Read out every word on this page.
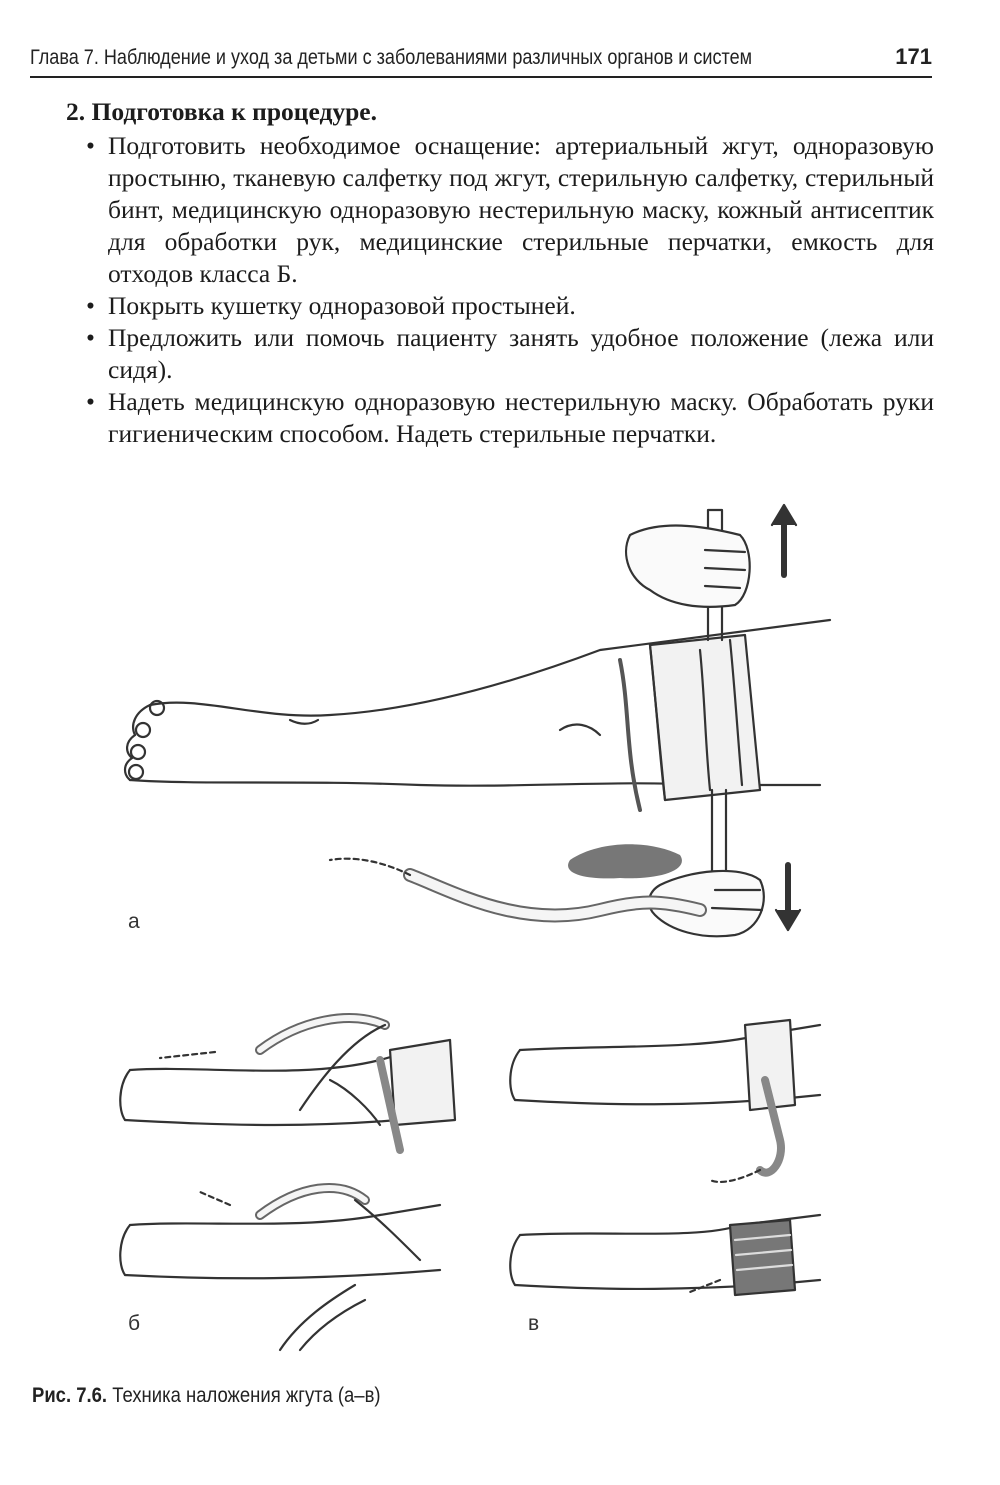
Глава 7. Наблюдение и уход за детьми с заболеваниями различных органов и систем	171
2. Подготовка к процедуре.
• Подготовить необходимое оснащение: артериальный жгут, одноразовую простыню, тканевую салфетку под жгут, стерильную салфетку, стерильный бинт, медицинскую одноразовую нестерильную маску, кожный антисептик для обработки рук, медицинские стерильные перчатки, емкость для отходов класса Б.
• Покрыть кушетку одноразовой простыней.
• Предложить или помочь пациенту занять удобное положение (лежа или сидя).
• Надеть медицинскую одноразовую нестерильную маску. Обработать руки гигиеническим способом. Надеть стерильные перчатки.
а
б	в
Рис. 7.6. Техника наложения жгута (а–в)
